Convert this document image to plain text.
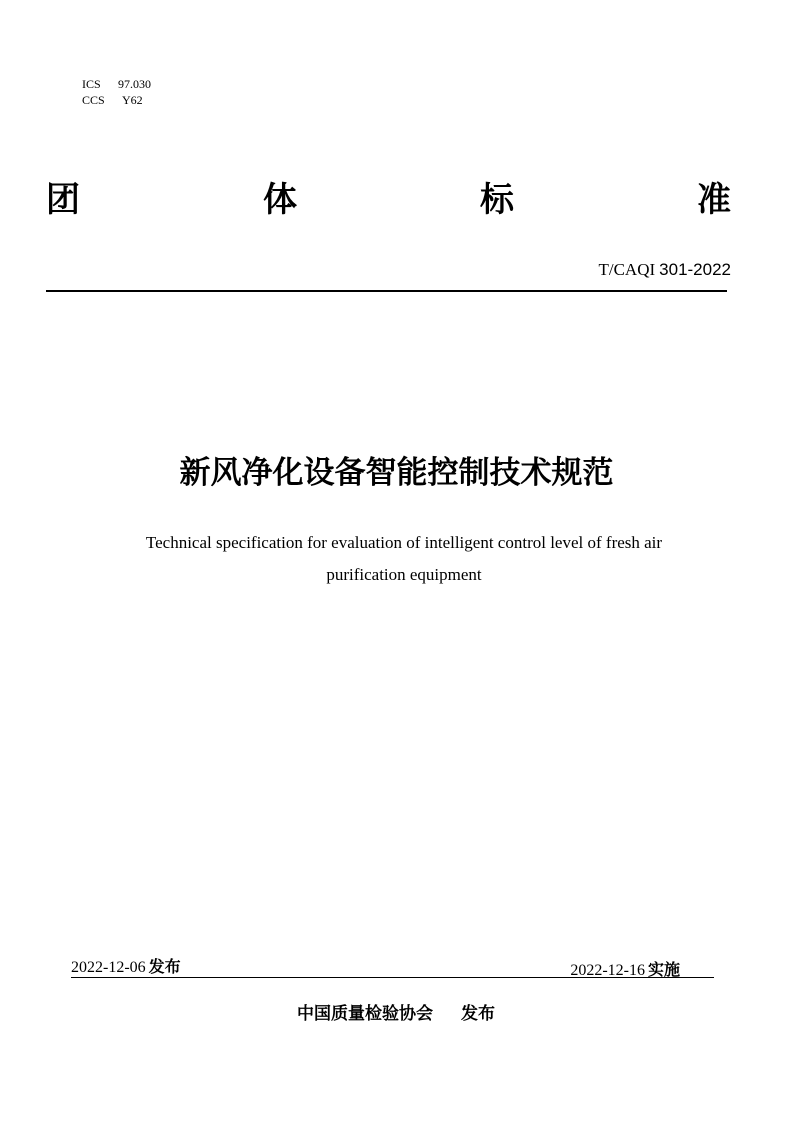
ICS	97.030
CCS	Y62
团	体	标	准
T/CAQI 301-2022
新风净化设备智能控制技术规范
Technical specification for evaluation of intelligent control level of fresh air
purification equipment
2022-12-06 发布	2022-12-16 实施
中国质量检验协会 发布
